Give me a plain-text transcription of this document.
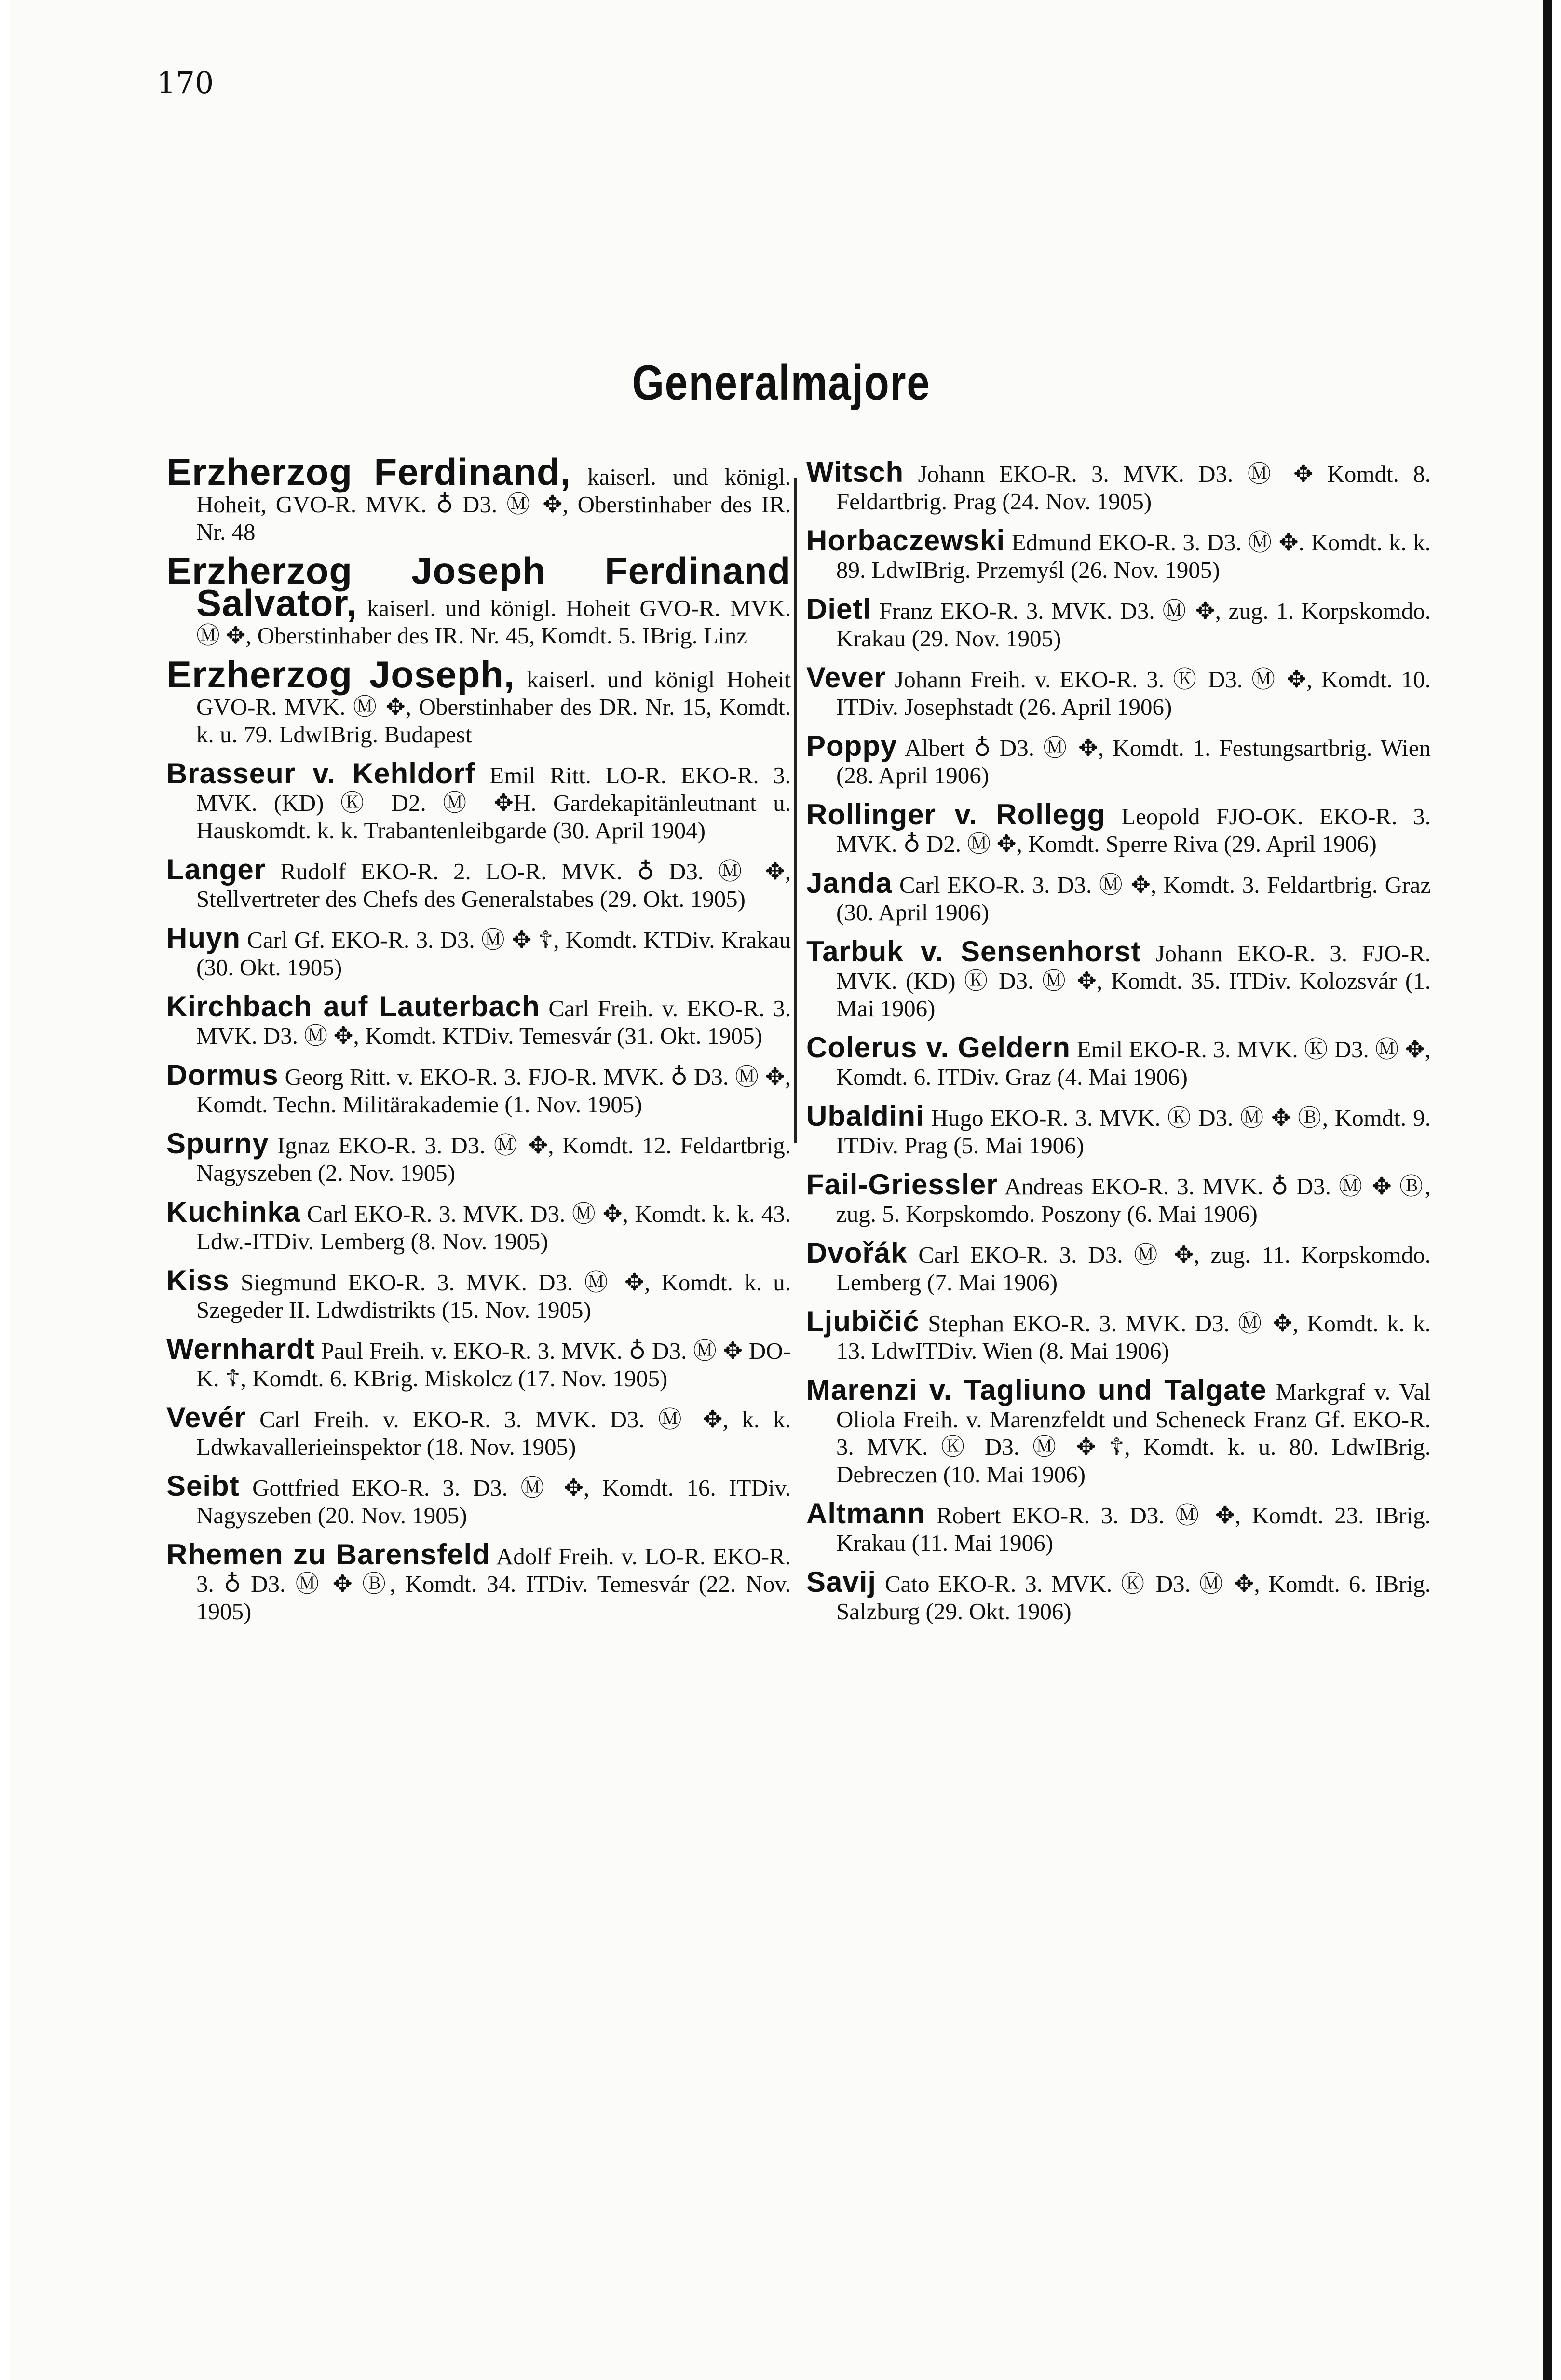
170
Generalmajore

Erzherzog Ferdinand, kaiserl. und königl. Hoheit, GVO-R. MVK. ♁ D3. Ⓜ ✥, Oberstinhaber des IR. Nr. 48

Erzherzog Joseph Ferdinand Salvator, kaiserl. und königl. Hoheit GVO-R. MVK. Ⓜ ✥, Oberstinhaber des IR. Nr. 45, Komdt. 5. IBrig. Linz

Erzherzog Joseph, kaiserl. und königl Hoheit GVO-R. MVK. Ⓜ ✥, Oberstinhaber des DR. Nr. 15, Komdt. k. u. 79. LdwIBrig. Budapest

Brasseur v. Kehldorf Emil Ritt. LO-R. EKO-R. 3. MVK. (KD) Ⓚ D2. Ⓜ ✥H. Gardekapitänleutnant u. Hauskomdt. k. k. Trabantenleibgarde (30. April 1904)

Langer Rudolf EKO-R. 2. LO-R. MVK. ♁ D3. Ⓜ ✥, Stellvertreter des Chefs des Generalstabes (29. Okt. 1905)

Huyn Carl Gf. EKO-R. 3. D3. Ⓜ ✥ ☦, Komdt. KTDiv. Krakau (30. Okt. 1905)

Kirchbach auf Lauterbach Carl Freih. v. EKO-R. 3. MVK. D3. Ⓜ ✥, Komdt. KTDiv. Temesvár (31. Okt. 1905)

Dormus Georg Ritt. v. EKO-R. 3. FJO-R. MVK. ♁ D3. Ⓜ ✥, Komdt. Techn. Militärakademie (1. Nov. 1905)

Spurny Ignaz EKO-R. 3. D3. Ⓜ ✥, Komdt. 12. Feldartbrig. Nagyszeben (2. Nov. 1905)

Kuchinka Carl EKO-R. 3. MVK. D3. Ⓜ ✥, Komdt. k. k. 43. Ldw.-ITDiv. Lemberg (8. Nov. 1905)

Kiss Siegmund EKO-R. 3. MVK. D3. Ⓜ ✥, Komdt. k. u. Szegeder II. Ldwdistrikts (15. Nov. 1905)

Wernhardt Paul Freih. v. EKO-R. 3. MVK. ♁ D3. Ⓜ ✥ DO-K. ☦, Komdt. 6. KBrig. Miskolcz (17. Nov. 1905)

Vevér Carl Freih. v. EKO-R. 3. MVK. D3. Ⓜ ✥, k. k. Ldwkavallerieinspektor (18. Nov. 1905)

Seibt Gottfried EKO-R. 3. D3. Ⓜ ✥, Komdt. 16. ITDiv. Nagyszeben (20. Nov. 1905)

Rhemen zu Barensfeld Adolf Freih. v. LO-R. EKO-R. 3. ♁ D3. Ⓜ ✥ Ⓑ, Komdt. 34. ITDiv. Temesvár (22. Nov. 1905)

Witsch Johann EKO-R. 3. MVK. D3. Ⓜ ✥ Komdt. 8. Feldartbrig. Prag (24. Nov. 1905)

Horbaczewski Edmund EKO-R. 3. D3. Ⓜ ✥. Komdt. k. k. 89. LdwIBrig. Przemyśl (26. Nov. 1905)

Dietl Franz EKO-R. 3. MVK. D3. Ⓜ ✥, zug. 1. Korpskomdo. Krakau (29. Nov. 1905)

Vever Johann Freih. v. EKO-R. 3. Ⓚ D3. Ⓜ ✥, Komdt. 10. ITDiv. Josephstadt (26. April 1906)

Poppy Albert ♁ D3. Ⓜ ✥, Komdt. 1. Festungsartbrig. Wien (28. April 1906)

Rollinger v. Rollegg Leopold FJO-OK. EKO-R. 3. MVK. ♁ D2. Ⓜ ✥, Komdt. Sperre Riva (29. April 1906)

Janda Carl EKO-R. 3. D3. Ⓜ ✥, Komdt. 3. Feldartbrig. Graz (30. April 1906)

Tarbuk v. Sensenhorst Johann EKO-R. 3. FJO-R. MVK. (KD) Ⓚ D3. Ⓜ ✥, Komdt. 35. ITDiv. Kolozsvár (1. Mai 1906)

Colerus v. Geldern Emil EKO-R. 3. MVK. Ⓚ D3. Ⓜ ✥, Komdt. 6. ITDiv. Graz (4. Mai 1906)

Ubaldini Hugo EKO-R. 3. MVK. Ⓚ D3. Ⓜ ✥ Ⓑ, Komdt. 9. ITDiv. Prag (5. Mai 1906)

Fail-Griessler Andreas EKO-R. 3. MVK. ♁ D3. Ⓜ ✥ Ⓑ, zug. 5. Korpskomdo. Poszony (6. Mai 1906)

Dvořák Carl EKO-R. 3. D3. Ⓜ ✥, zug. 11. Korpskomdo. Lemberg (7. Mai 1906)

Ljubičić Stephan EKO-R. 3. MVK. D3. Ⓜ ✥, Komdt. k. k. 13. LdwITDiv. Wien (8. Mai 1906)

Marenzi v. Tagliuno und Talgate Markgraf v. Val Oliola Freih. v. Marenzfeldt und Scheneck Franz Gf. EKO-R. 3. MVK. Ⓚ D3. Ⓜ ✥ ☦, Komdt. k. u. 80. LdwIBrig. Debreczen (10. Mai 1906)

Altmann Robert EKO-R. 3. D3. Ⓜ ✥, Komdt. 23. IBrig. Krakau (11. Mai 1906)

Savij Cato EKO-R. 3. MVK. Ⓚ D3. Ⓜ ✥, Komdt. 6. IBrig. Salzburg (29. Okt. 1906)
